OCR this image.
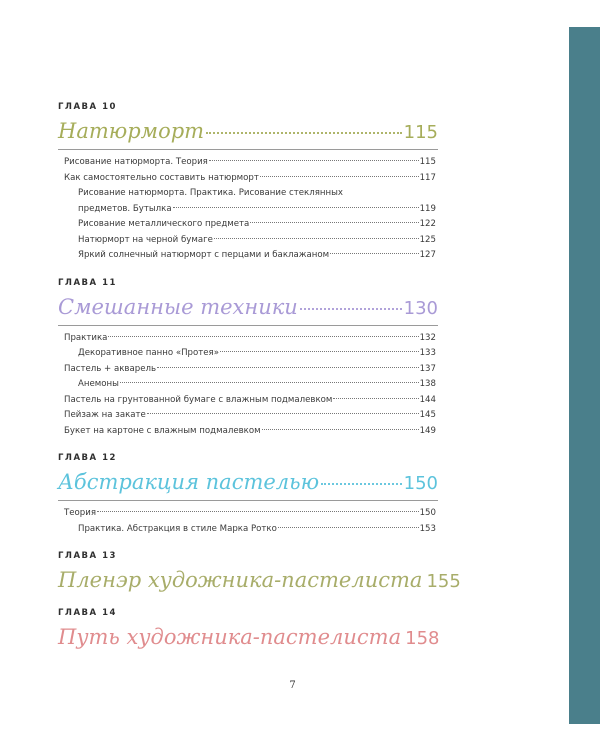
ГЛАВА 10
Натюрморт	115
Рисование натюрморта. Теория	115
Как самостоятельно составить натюрморт	117
Рисование натюрморта. Практика. Рисование стеклянных
предметов. Бутылка	119
Рисование металлического предмета	122
Натюрморт на черной бумаге	125
Яркий солнечный натюрморт с перцами и баклажаном	127
ГЛАВА 11
Смешанные техники	130
Практика	132
Декоративное панно «Протея»	133
Пастель + акварель	137
Анемоны	138
Пастель на грунтованной бумаге с влажным подмалевком	144
Пейзаж на закате	145
Букет на картоне с влажным подмалевком	149
ГЛАВА 12
Абстракция пастелью	150
Теория	150
Практика. Абстракция в стиле Марка Ротко	153
ГЛАВА 13
Пленэр художника-пастелиста 155
ГЛАВА 14
Путь художника-пастелиста 158
7
